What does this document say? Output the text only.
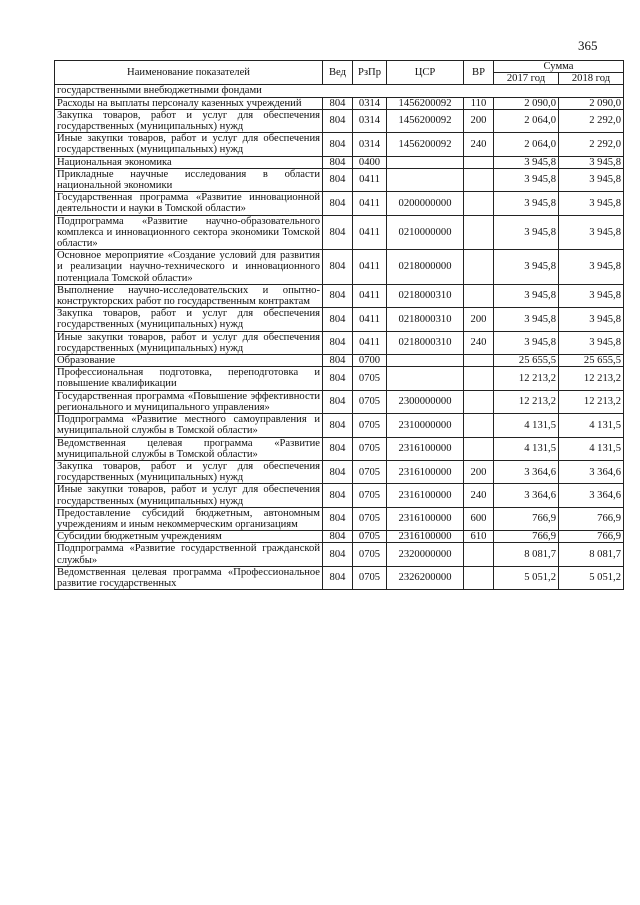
365
Наименование показателей	Вед	РзПр	ЦСР	ВР	Сумма	
					2017 год	2018 год
государственными внебюджетными фондами						
Расходы на выплаты персоналу казенных учреждений	804	0314	1456200092	110	2 090,0	2 090,0
Закупка товаров, работ и услуг для обеспечения государственных (муниципальных) нужд	804	0314	1456200092	200	2 064,0	2 292,0
Иные закупки товаров, работ и услуг для обеспечения государственных (муниципальных) нужд	804	0314	1456200092	240	2 064,0	2 292,0
Национальная экономика	804	0400			3 945,8	3 945,8
Прикладные научные исследования в области национальной экономики	804	0411			3 945,8	3 945,8
Государственная программа «Развитие инновационной деятельности и науки в Томской области»	804	0411	0200000000		3 945,8	3 945,8
Подпрограмма «Развитие научно-образовательного комплекса и инновационного сектора экономики Томской области»	804	0411	0210000000		3 945,8	3 945,8
Основное мероприятие «Создание условий для развития и реализации научно-технического и инновационного потенциала Томской области»	804	0411	0218000000		3 945,8	3 945,8
Выполнение научно-исследовательских и опытно-конструкторских работ по государственным контрактам	804	0411	0218000310		3 945,8	3 945,8
Закупка товаров, работ и услуг для обеспечения государственных (муниципальных) нужд	804	0411	0218000310	200	3 945,8	3 945,8
Иные закупки товаров, работ и услуг для обеспечения государственных (муниципальных) нужд	804	0411	0218000310	240	3 945,8	3 945,8
Образование	804	0700			25 655,5	25 655,5
Профессиональная подготовка, переподготовка и повышение квалификации	804	0705			12 213,2	12 213,2
Государственная программа «Повышение эффективности регионального и муниципального управления»	804	0705	2300000000		12 213,2	12 213,2
Подпрограмма «Развитие местного самоуправления и муниципальной службы в Томской области»	804	0705	2310000000		4 131,5	4 131,5
Ведомственная целевая программа «Развитие муниципальной службы в Томской области»	804	0705	2316100000		4 131,5	4 131,5
Закупка товаров, работ и услуг для обеспечения государственных (муниципальных) нужд	804	0705	2316100000	200	3 364,6	3 364,6
Иные закупки товаров, работ и услуг для обеспечения государственных (муниципальных) нужд	804	0705	2316100000	240	3 364,6	3 364,6
Предоставление субсидий бюджетным, автономным учреждениям и иным некоммерческим организациям	804	0705	2316100000	600	766,9	766,9
Субсидии бюджетным учреждениям	804	0705	2316100000	610	766,9	766,9
Подпрограмма «Развитие государственной гражданской службы»	804	0705	2320000000		8 081,7	8 081,7
Ведомственная целевая программа «Профессиональное развитие государственных	804	0705	2326200000		5 051,2	5 051,2
